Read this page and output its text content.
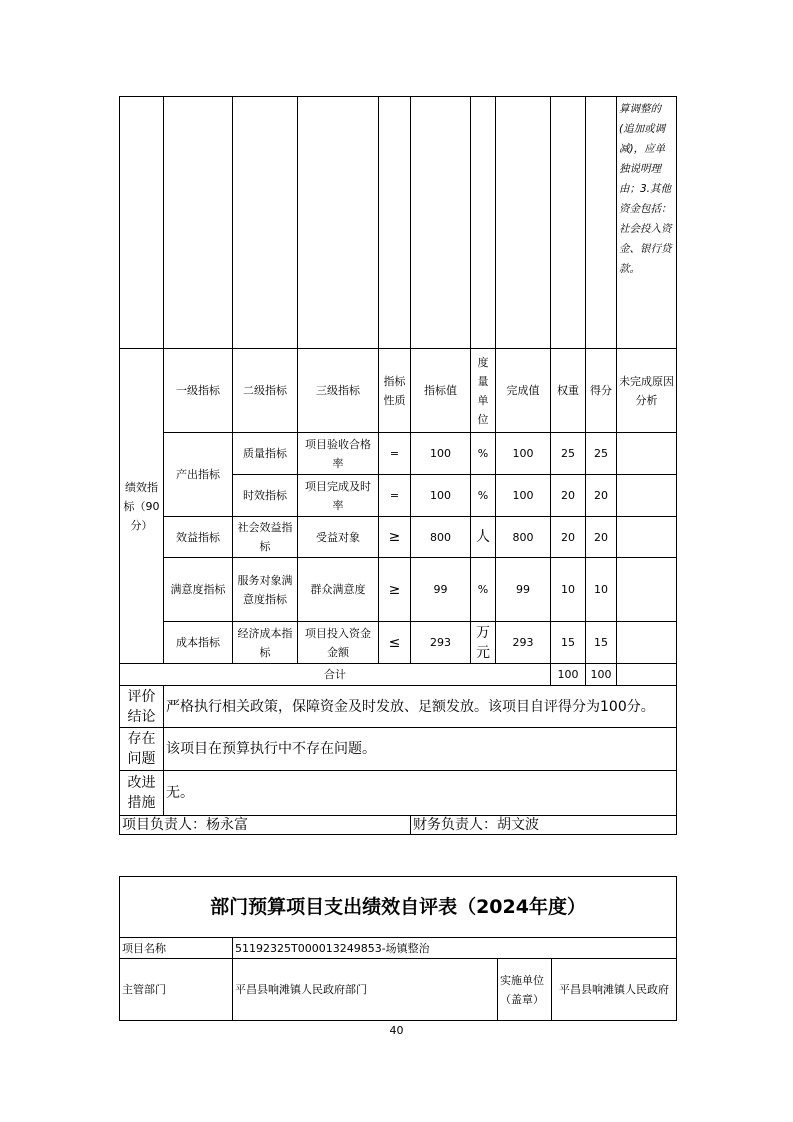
										算调整的(追加或调减)，应单独说明理由；3.其他资金包括：社会投入资金、银行贷款。
绩效指标（90分）	一级指标	二级指标	三级指标	指标性质	指标值	度量单位	完成值	权重	得分	未完成原因分析
	产出指标	质量指标	项目验收合格率	=	100	%	100	25	25	
		时效指标	项目完成及时率	=	100	%	100	20	20	
	效益指标	社会效益指标	受益对象	≥	800	人	800	20	20	
	满意度指标	服务对象满意度指标	群众满意度	≥	99	%	99	10	10	
	成本指标	经济成本指标	项目投入资金金额	≤	293	万元	293	15	15	
合计								100	100	
评价结论	严格执行相关政策，保障资金及时发放、足额发放。该项目自评得分为100分。									
存在问题	该项目在预算执行中不存在问题。									
改进措施	无。									
项目负责人：杨永富					财务负责人：胡文波					
部门预算项目支出绩效自评表（2024年度）			
项目名称	51192325T000013249853-场镇整治		
主管部门	平昌县响滩镇人民政府部门	实施单位（盖章）	平昌县响滩镇人民政府
40
